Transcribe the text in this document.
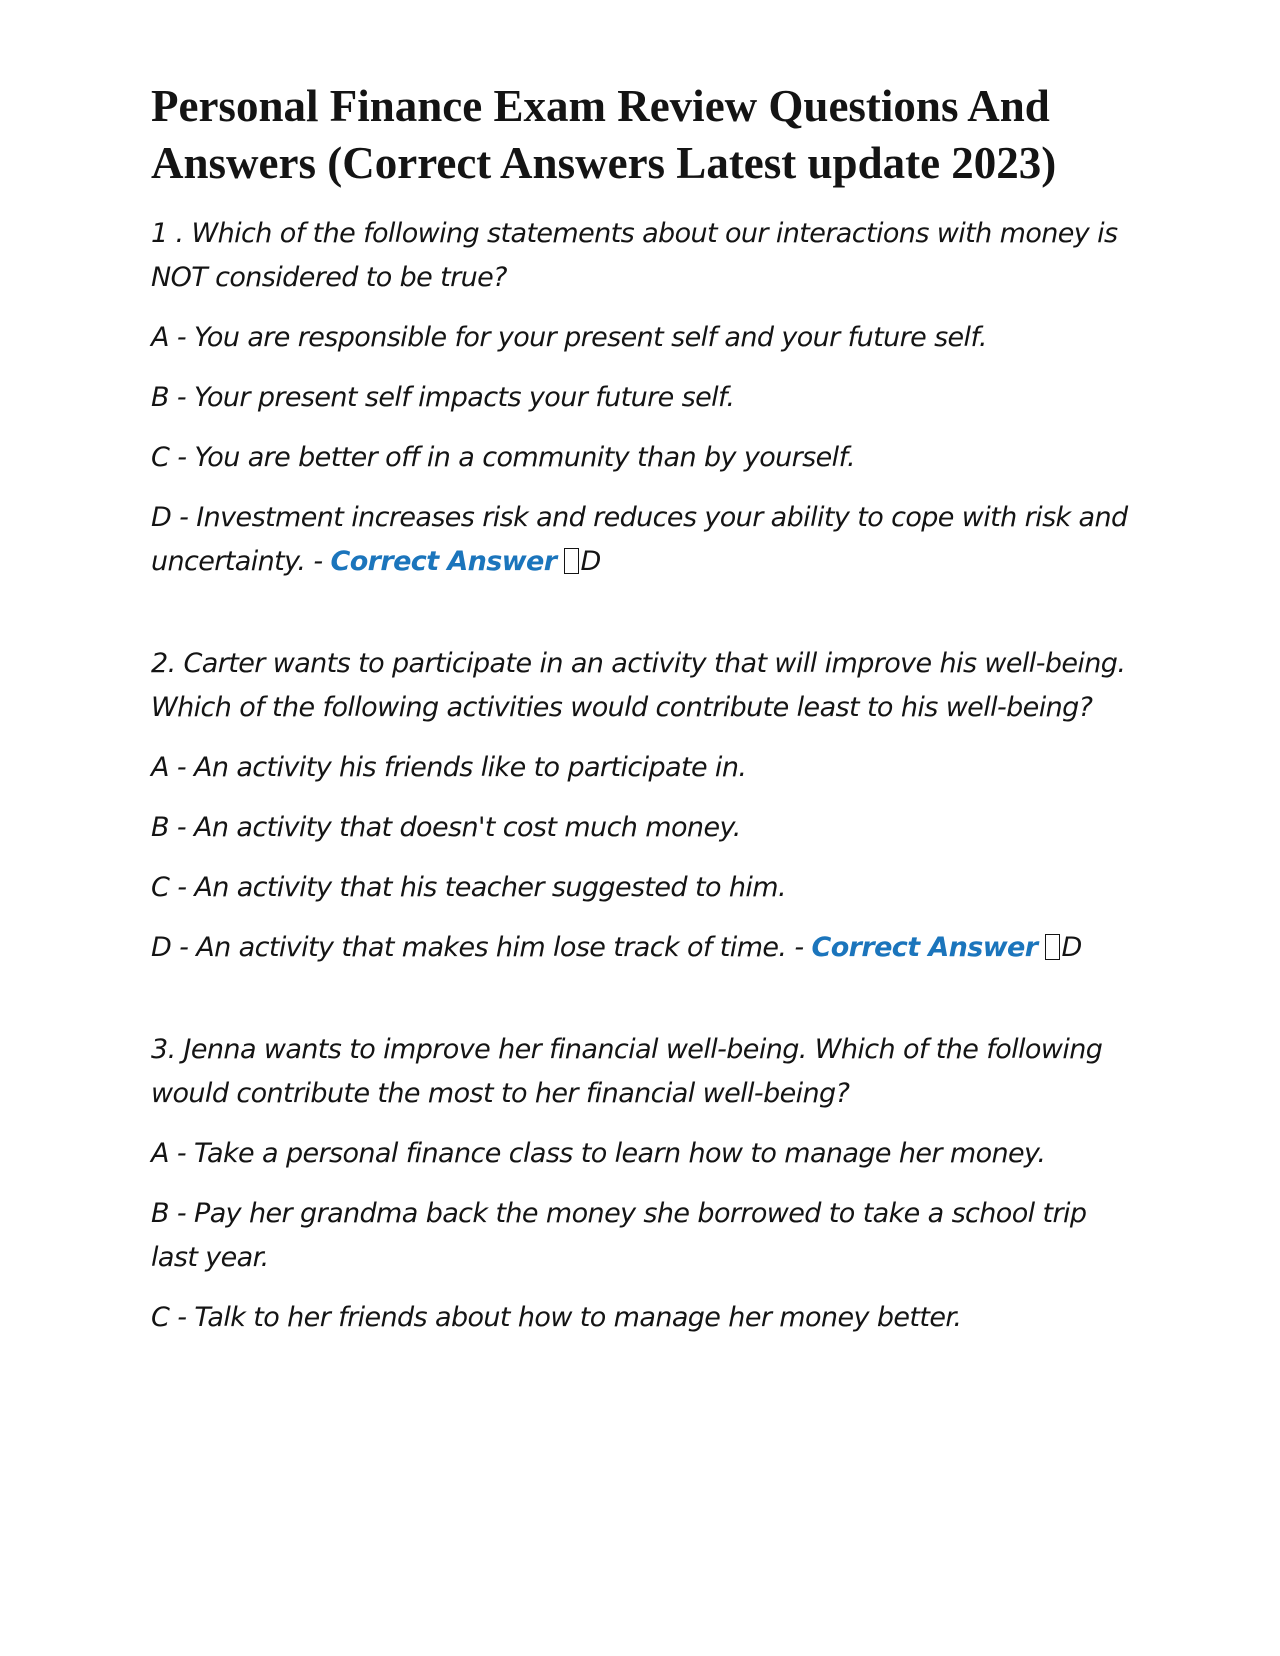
Personal Finance Exam Review Questions And Answers (Correct Answers Latest update 2023)

1 . Which of the following statements about our interactions with money is NOT considered to be true?

A - You are responsible for your present self and your future self.

B - Your present self impacts your future self.

C - You are better off in a community than by yourself.

D - Investment increases risk and reduces your ability to cope with risk and uncertainty. - Correct Answer D

2. Carter wants to participate in an activity that will improve his well-being. Which of the following activities would contribute least to his well-being?

A - An activity his friends like to participate in.

B - An activity that doesn't cost much money.

C - An activity that his teacher suggested to him.

D - An activity that makes him lose track of time. - Correct Answer D

3. Jenna wants to improve her financial well-being. Which of the following would contribute the most to her financial well-being?

A - Take a personal finance class to learn how to manage her money.

B - Pay her grandma back the money she borrowed to take a school trip last year.

C - Talk to her friends about how to manage her money better.
